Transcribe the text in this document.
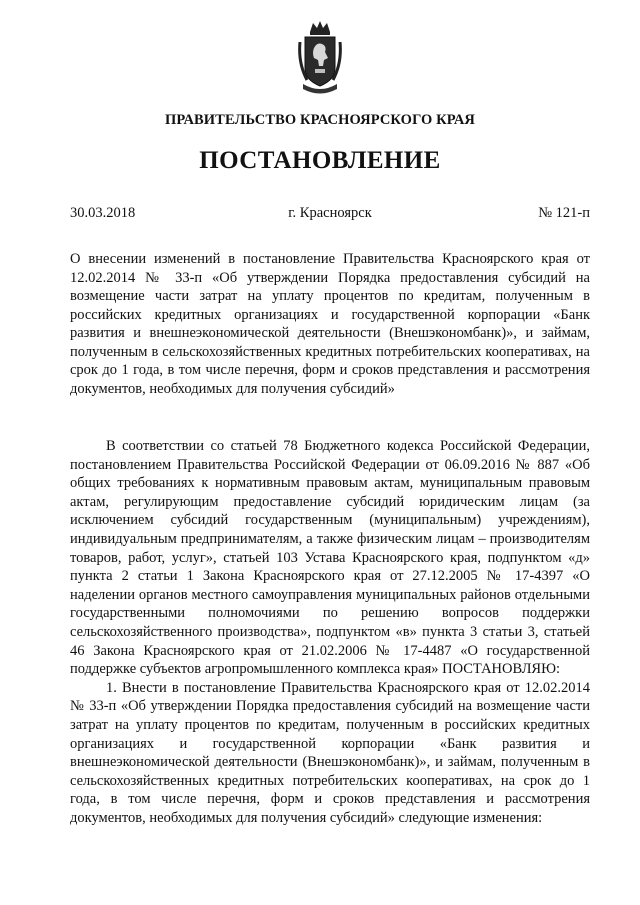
ПРАВИТЕЛЬСТВО КРАСНОЯРСКОГО КРАЯ
ПОСТАНОВЛЕНИЕ
30.03.2018	г. Красноярск	№ 121-п
О внесении изменений в постановление Правительства Красноярского края от 12.02.2014 № 33-п «Об утверждении Порядка предоставления субсидий на возмещение части затрат на уплату процентов по кредитам, полученным в российских кредитных организациях и государственной корпорации «Банк развития и внешнеэкономической деятельности (Внешэкономбанк)», и займам, полученным в сельскохозяйственных кредитных потребительских кооперативах, на срок до 1 года, в том числе перечня, форм и сроков представления и рассмотрения документов, необходимых для получения субсидий»

В соответствии со статьей 78 Бюджетного кодекса Российской Федерации, постановлением Правительства Российской Федерации от 06.09.2016 № 887 «Об общих требованиях к нормативным правовым актам, муниципальным правовым актам, регулирующим предоставление субсидий юридическим лицам (за исключением субсидий государственным (муниципальным) учреждениям), индивидуальным предпринимателям, а также физическим лицам – производителям товаров, работ, услуг», статьей 103 Устава Красноярского края, подпунктом «д» пункта 2 статьи 1 Закона Красноярского края от 27.12.2005 № 17-4397 «О наделении органов местного самоуправления муниципальных районов отдельными государственными полномочиями по решению вопросов поддержки сельскохозяйственного производства», подпунктом «в» пункта 3 статьи 3, статьей 46 Закона Красноярского края от 21.02.2006 № 17-4487 «О государственной поддержке субъектов агропромышленного комплекса края» ПОСТАНОВЛЯЮ:

1. Внести в постановление Правительства Красноярского края от 12.02.2014 № 33-п «Об утверждении Порядка предоставления субсидий на возмещение части затрат на уплату процентов по кредитам, полученным в российских кредитных организациях и государственной корпорации «Банк развития и внешнеэкономической деятельности (Внешэкономбанк)», и займам, полученным в сельскохозяйственных кредитных потребительских кооперативах, на срок до 1 года, в том числе перечня, форм и сроков представления и рассмотрения документов, необходимых для получения субсидий» следующие изменения:
